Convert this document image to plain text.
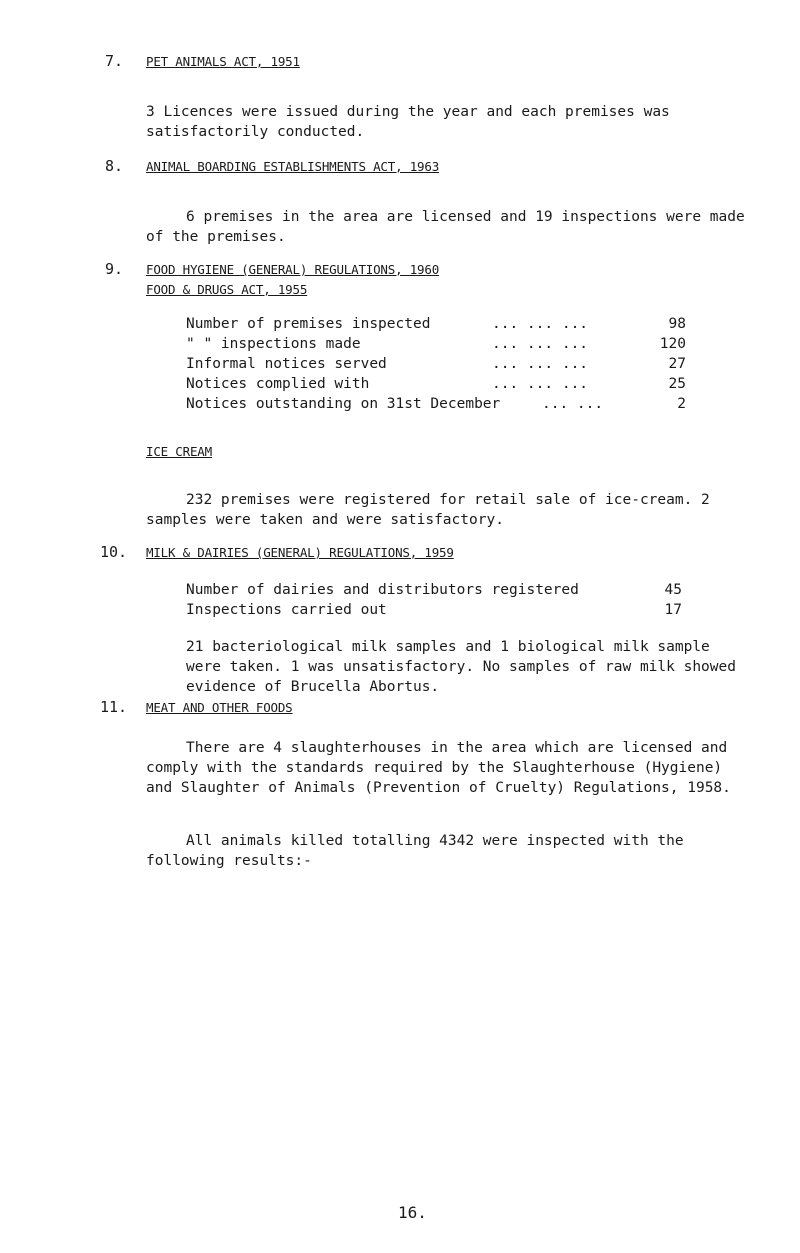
7. PET ANIMALS ACT, 1951
3 Licences were issued during the year and each premises was satisfactorily conducted.
8. ANIMAL BOARDING ESTABLISHMENTS ACT, 1963
6 premises in the area are licensed and 19 inspections were made of the premises.
9. FOOD HYGIENE (GENERAL) REGULATIONS, 1960
FOOD & DRUGS ACT, 1955
Number of premises inspected	... ... ...	98
" " inspections made	... ... ...	120
Informal notices served	... ... ...	27
Notices complied with	... ... ...	25
Notices outstanding on 31st December	... ...	2
ICE CREAM
232 premises were registered for retail sale of ice-cream. 2 samples were taken and were satisfactory.
10. MILK & DAIRIES (GENERAL) REGULATIONS, 1959
Number of dairies and distributors registered	45
Inspections carried out	17
21 bacteriological milk samples and 1 biological milk sample were taken. 1 was unsatisfactory. No samples of raw milk showed evidence of Brucella Abortus.
11. MEAT AND OTHER FOODS
There are 4 slaughterhouses in the area which are licensed and comply with the standards required by the Slaughterhouse (Hygiene) and Slaughter of Animals (Prevention of Cruelty) Regulations, 1958.
All animals killed totalling 4342 were inspected with the following results:-
16.
